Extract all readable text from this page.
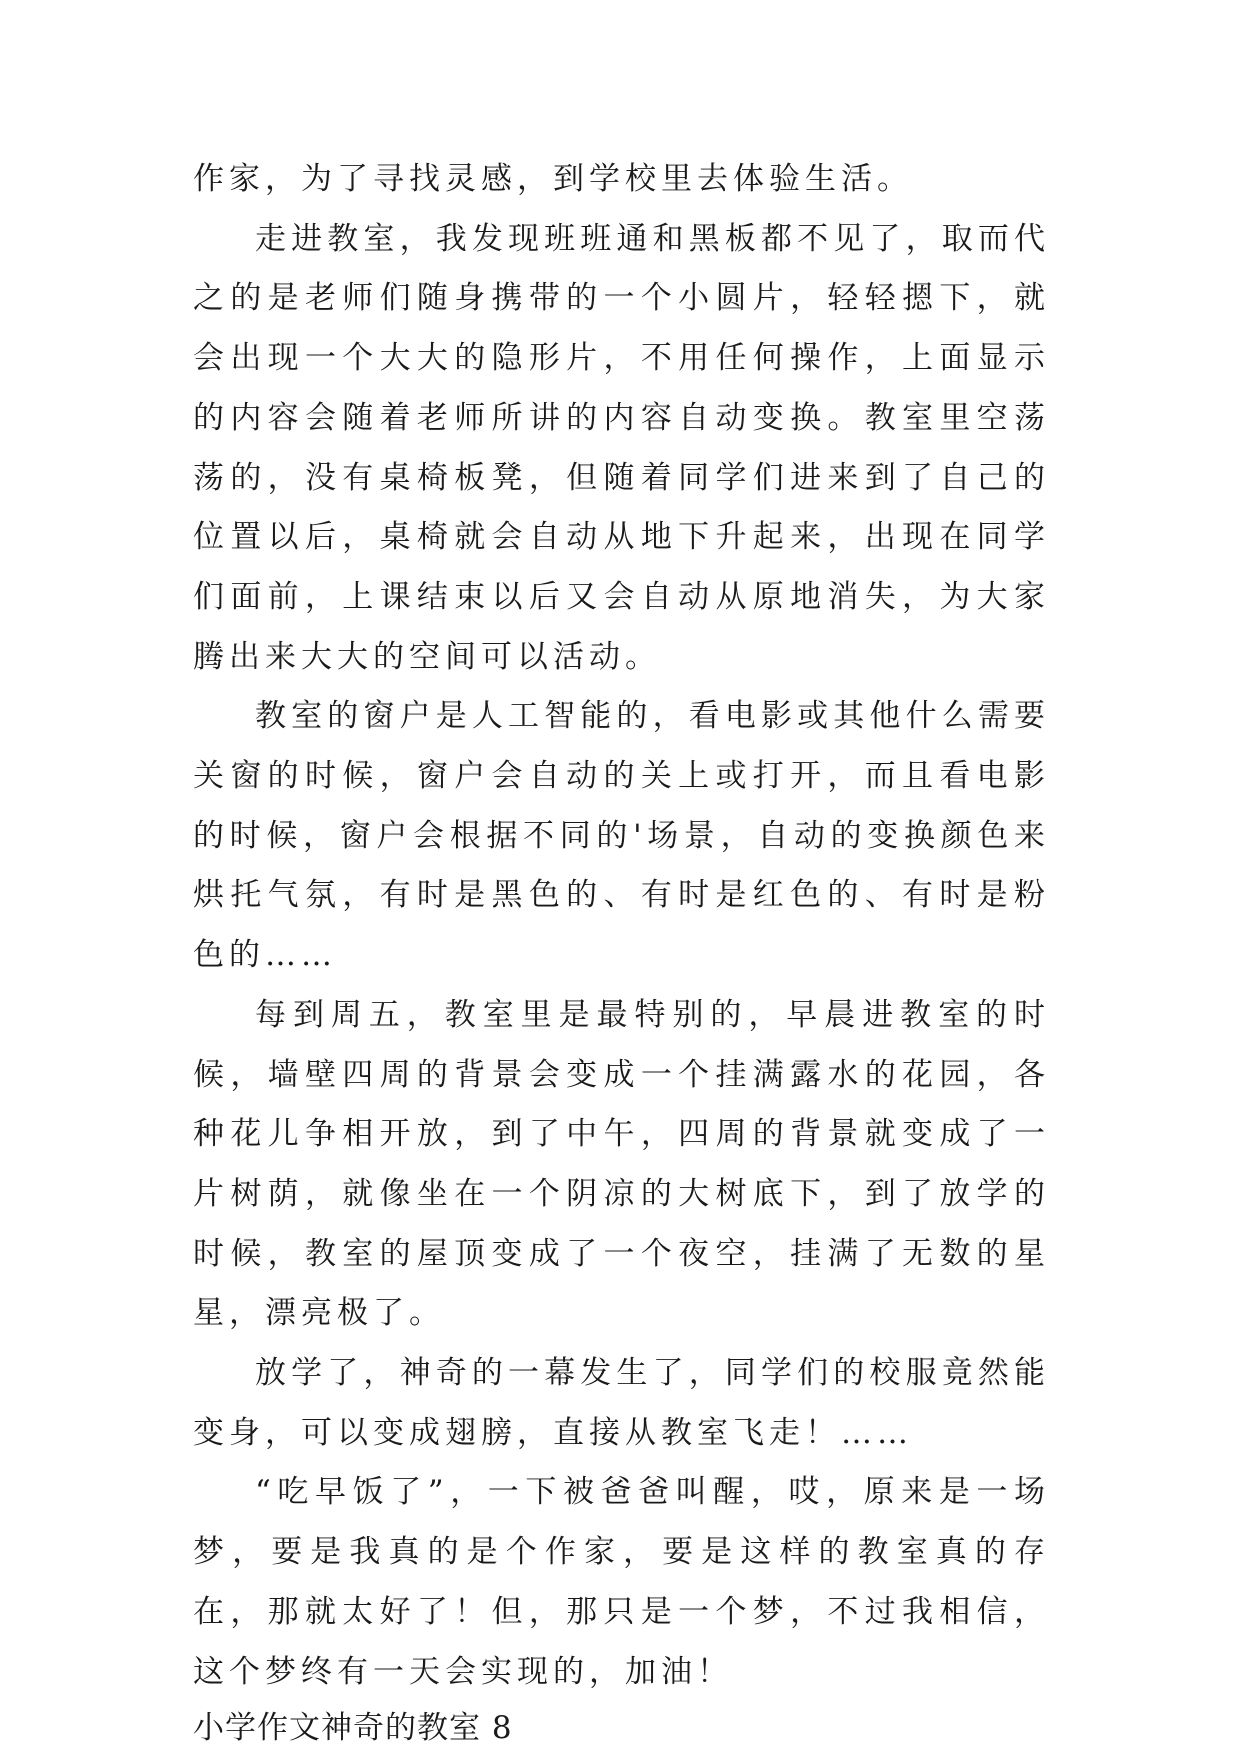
作家，为了寻找灵感，到学校里去体验生活。

走进教室，我发现班班通和黑板都不见了，取而代之的是老师们随身携带的一个小圆片，轻轻摁下，就会出现一个大大的隐形片，不用任何操作，上面显示的内容会随着老师所讲的内容自动变换。教室里空荡荡的，没有桌椅板凳，但随着同学们进来到了自己的位置以后，桌椅就会自动从地下升起来，出现在同学们面前，上课结束以后又会自动从原地消失，为大家腾出来大大的空间可以活动。

教室的窗户是人工智能的，看电影或其他什么需要关窗的时候，窗户会自动的关上或打开，而且看电影的时候，窗户会根据不同的'场景，自动的变换颜色来烘托气氛，有时是黑色的、有时是红色的、有时是粉色的……

每到周五，教室里是最特别的，早晨进教室的时候，墙壁四周的背景会变成一个挂满露水的花园，各种花儿争相开放，到了中午，四周的背景就变成了一片树荫，就像坐在一个阴凉的大树底下，到了放学的时候，教室的屋顶变成了一个夜空，挂满了无数的星星，漂亮极了。

放学了，神奇的一幕发生了，同学们的校服竟然能变身，可以变成翅膀，直接从教室飞走！……

“吃早饭了”，一下被爸爸叫醒，哎，原来是一场梦，要是我真的是个作家，要是这样的教室真的存在，那就太好了！但，那只是一个梦，不过我相信，这个梦终有一天会实现的，加油！

小学作文神奇的教室 8
